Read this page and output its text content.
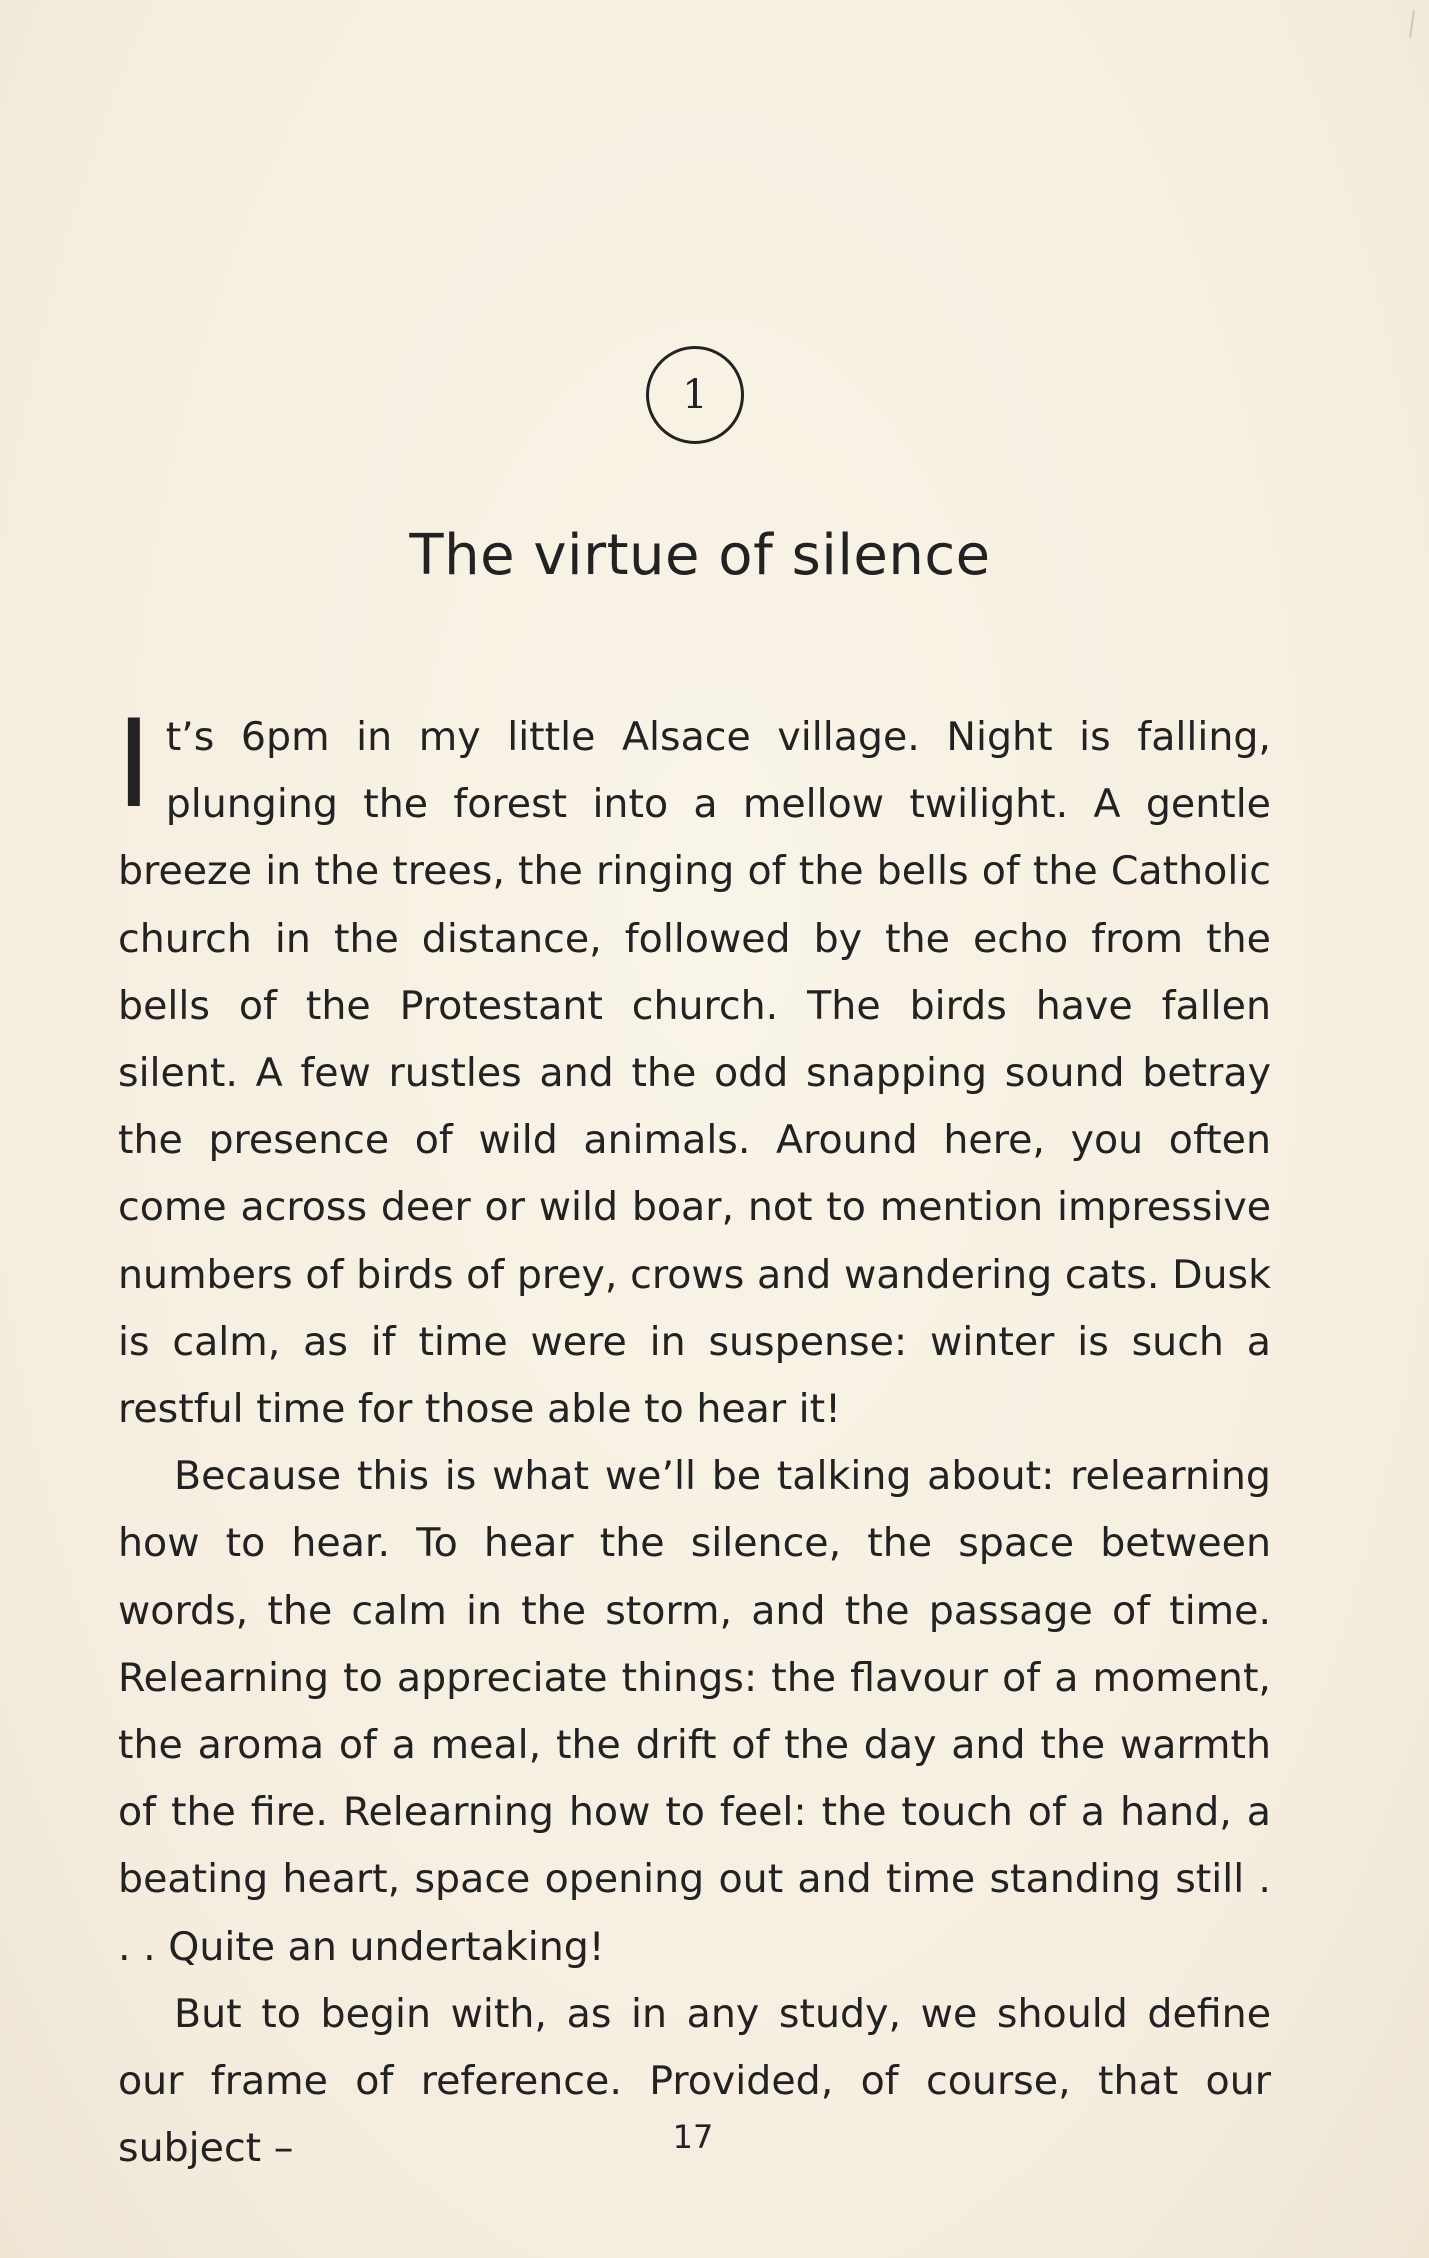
1
The virtue of silence

It’s 6pm in my little Alsace village. Night is falling, plunging the forest into a mellow twilight. A gentle breeze in the trees, the ringing of the bells of the Catholic church in the distance, followed by the echo from the bells of the Protestant church. The birds have fallen silent. A few rustles and the odd snapping sound betray the presence of wild animals. Around here, you often come across deer or wild boar, not to mention impressive numbers of birds of prey, crows and wandering cats. Dusk is calm, as if time were in suspense: winter is such a restful time for those able to hear it!

Because this is what we’ll be talking about: relearning how to hear. To hear the silence, the space between words, the calm in the storm, and the passage of time. Relearning to appreciate things: the flavour of a moment, the aroma of a meal, the drift of the day and the warmth of the fire. Relearning how to feel: the touch of a hand, a beating heart, space opening out and time standing still . . . Quite an undertaking!

But to begin with, as in any study, we should define our frame of reference. Provided, of course, that our subject –	17
